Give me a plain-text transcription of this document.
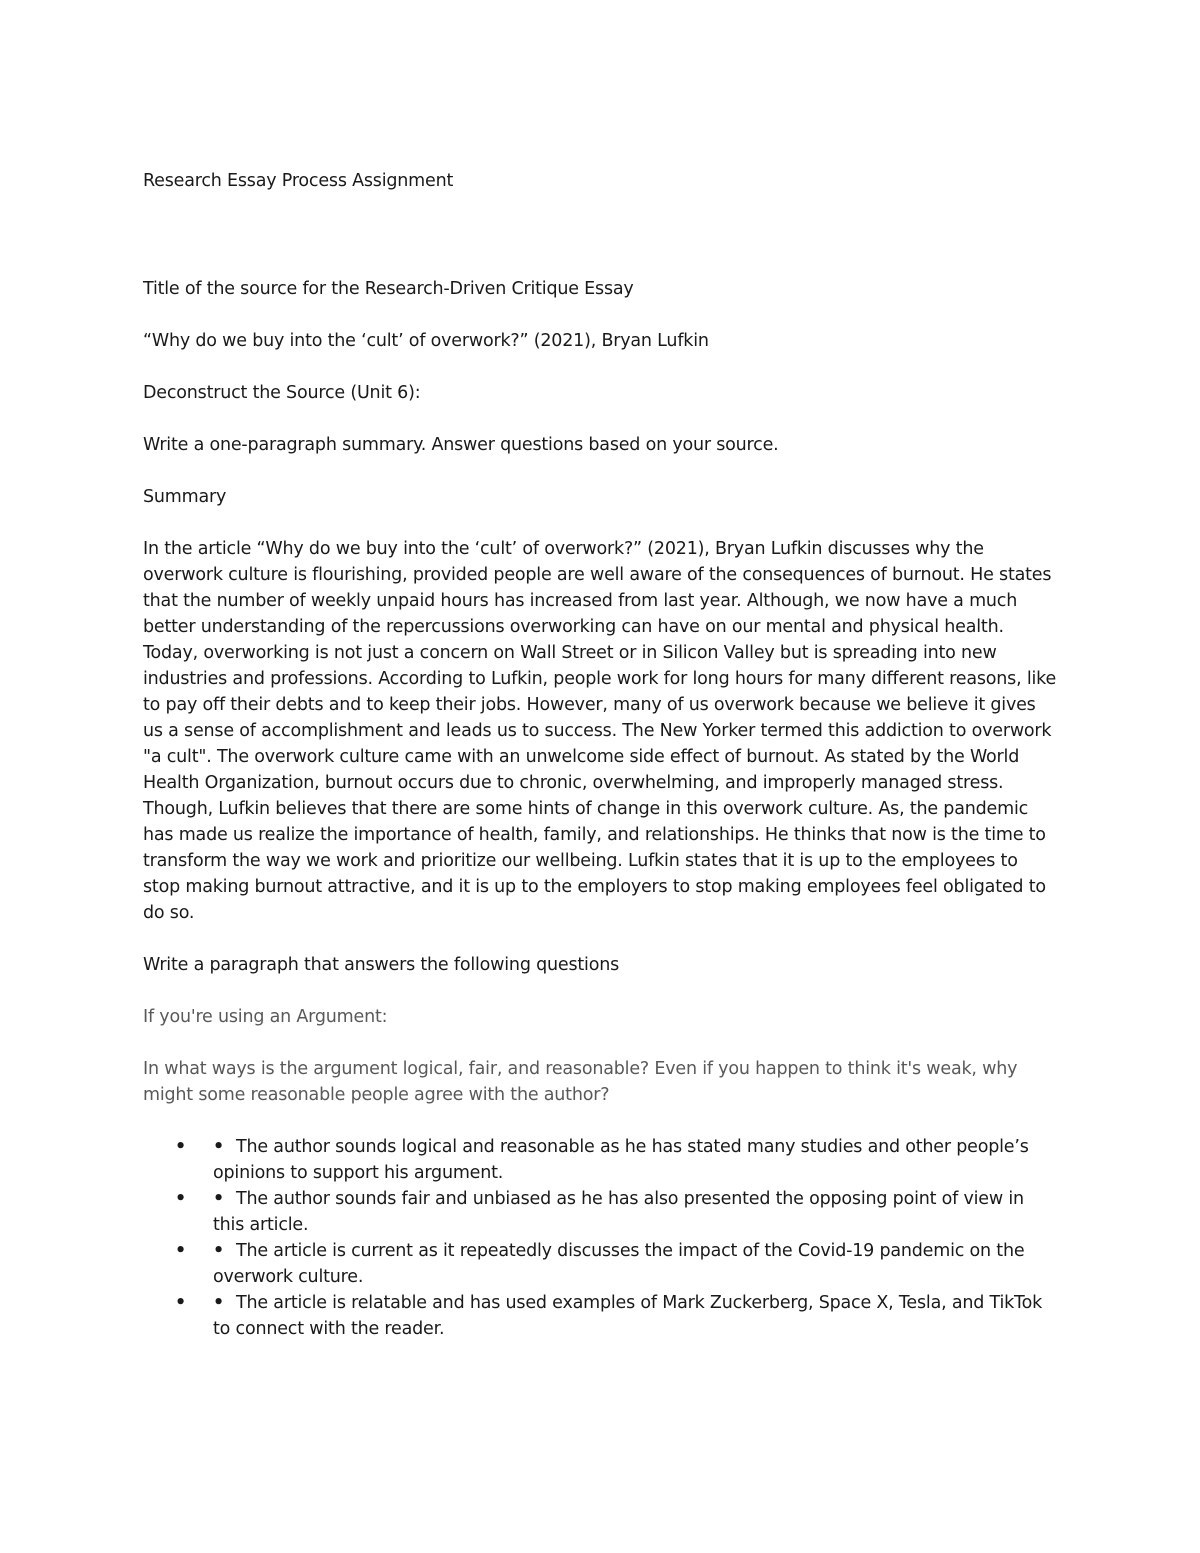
Research Essay Process Assignment

Title of the source for the Research-Driven Critique Essay

“Why do we buy into the ‘cult’ of overwork?” (2021), Bryan Lufkin

Deconstruct the Source (Unit 6):

Write a one-paragraph summary. Answer questions based on your source.

Summary

In the article “Why do we buy into the ‘cult’ of overwork?” (2021), Bryan Lufkin discusses why the overwork culture is flourishing, provided people are well aware of the consequences of burnout. He states that the number of weekly unpaid hours has increased from last year. Although, we now have a much better understanding of the repercussions overworking can have on our mental and physical health. Today, overworking is not just a concern on Wall Street or in Silicon Valley but is spreading into new industries and professions. According to Lufkin, people work for long hours for many different reasons, like to pay off their debts and to keep their jobs. However, many of us overwork because we believe it gives us a sense of accomplishment and leads us to success. The New Yorker termed this addiction to overwork "a cult". The overwork culture came with an unwelcome side effect of burnout. As stated by the World Health Organization, burnout occurs due to chronic, overwhelming, and improperly managed stress. Though, Lufkin believes that there are some hints of change in this overwork culture. As, the pandemic has made us realize the importance of health, family, and relationships. He thinks that now is the time to transform the way we work and prioritize our wellbeing. Lufkin states that it is up to the employees to stop making burnout attractive, and it is up to the employers to stop making employees feel obligated to do so.

Write a paragraph that answers the following questions

If you're using an Argument:

In what ways is the argument logical, fair, and reasonable? Even if you happen to think it's weak, why might some reasonable people agree with the author?

• • The author sounds logical and reasonable as he has stated many studies and other people’s opinions to support his argument.
• • The author sounds fair and unbiased as he has also presented the opposing point of view in this article.
• • The article is current as it repeatedly discusses the impact of the Covid-19 pandemic on the overwork culture.
• • The article is relatable and has used examples of Mark Zuckerberg, Space X, Tesla, and TikTok to connect with the reader.
